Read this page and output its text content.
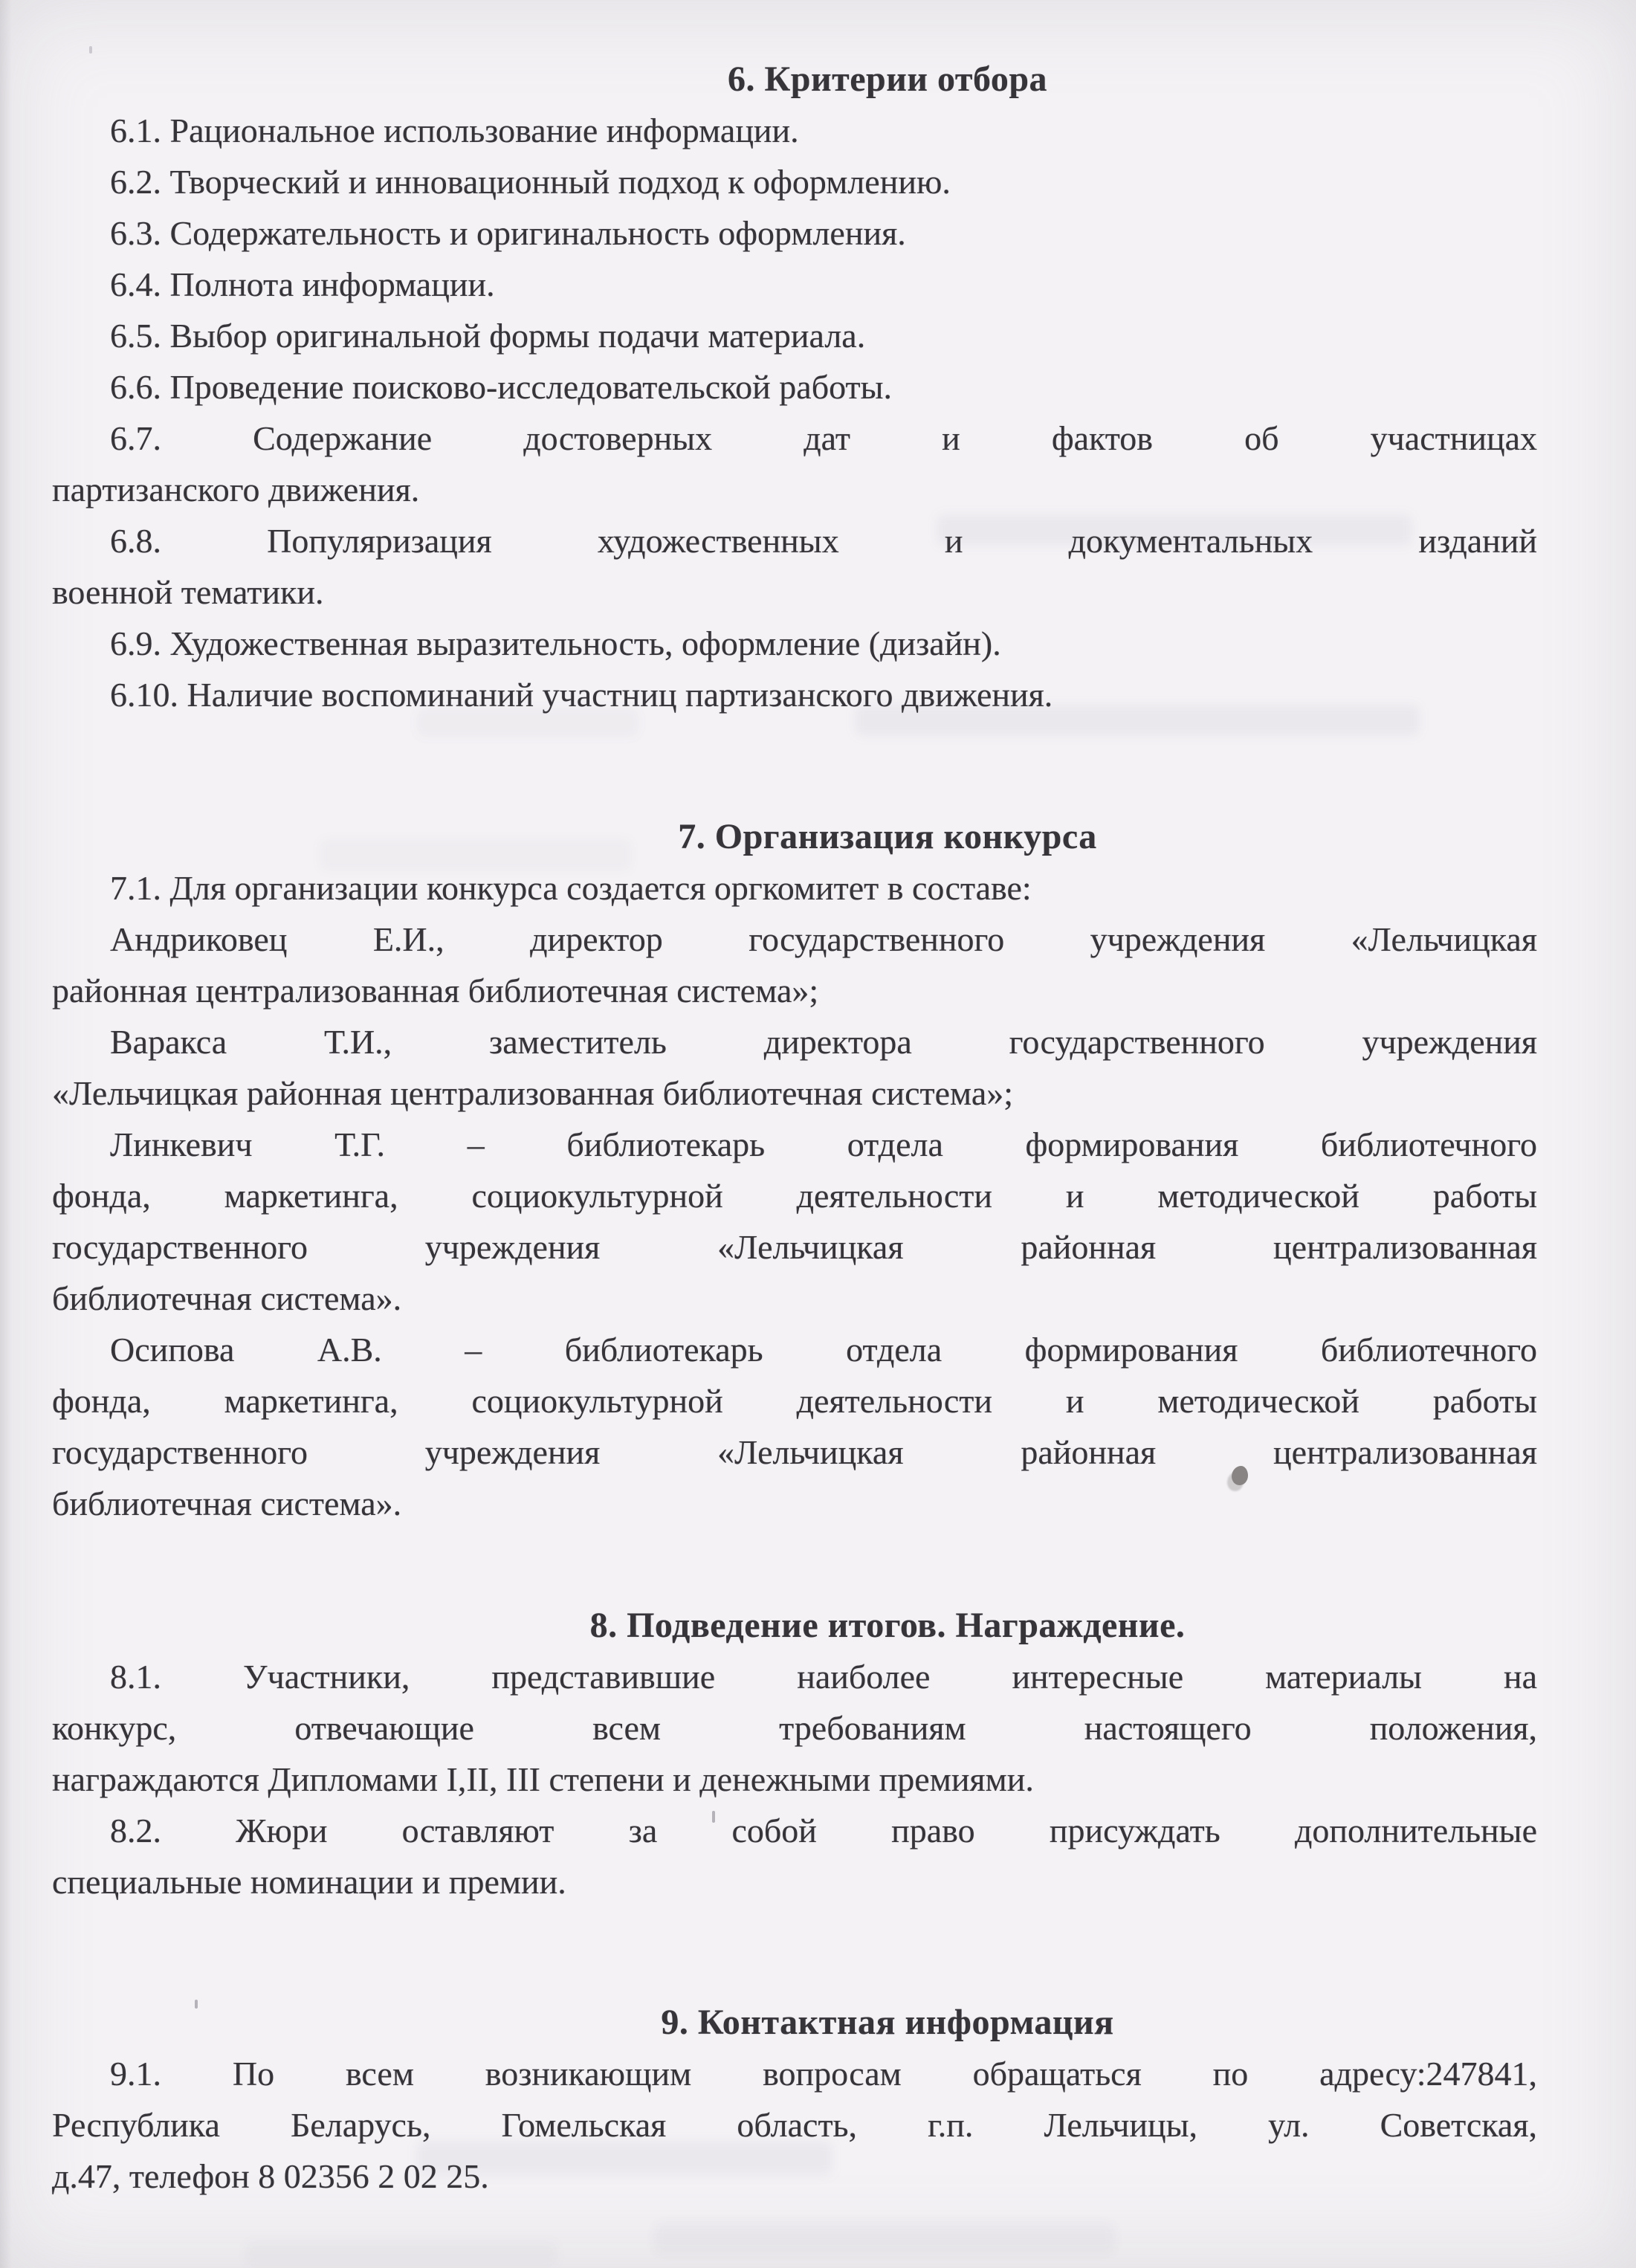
6. Критерии отбора
6.1. Рациональное использование информации.
6.2. Творческий и инновационный подход к оформлению.
6.3. Содержательность и оригинальность оформления.
6.4. Полнота информации.
6.5. Выбор оригинальной формы подачи материала.
6.6. Проведение поисково-исследовательской работы.
6.7. Содержание достоверных дат и фактов об участницах
партизанского движения.
6.8. Популяризация художественных и документальных изданий
военной тематики.
6.9. Художественная выразительность, оформление (дизайн).
6.10. Наличие воспоминаний участниц партизанского движения.
7. Организация конкурса
7.1. Для организации конкурса создается оргкомитет в составе:
Андриковец Е.И., директор государственного учреждения «Лельчицкая
районная централизованная библиотечная система»;
Варакса Т.И., заместитель директора государственного учреждения
«Лельчицкая районная централизованная библиотечная система»;
Линкевич Т.Г. – библиотекарь отдела формирования библиотечного
фонда, маркетинга, социокультурной деятельности и методической работы
государственного учреждения «Лельчицкая районная централизованная
библиотечная система».
Осипова А.В. – библиотекарь отдела формирования библиотечного
фонда, маркетинга, социокультурной деятельности и методической работы
государственного учреждения «Лельчицкая районная централизованная
библиотечная система».
8. Подведение итогов. Награждение.
8.1. Участники, представившие наиболее интересные материалы на
конкурс, отвечающие всем требованиям настоящего положения,
награждаются Дипломами I,II, III степени и денежными премиями.
8.2. Жюри оставляют за собой право присуждать дополнительные
специальные номинации и премии.
9. Контактная информация
9.1. По всем возникающим вопросам обращаться по адресу:247841,
Республика Беларусь, Гомельская область, г.п. Лельчицы, ул. Советская,
д.47, телефон 8 02356 2 02 25.
